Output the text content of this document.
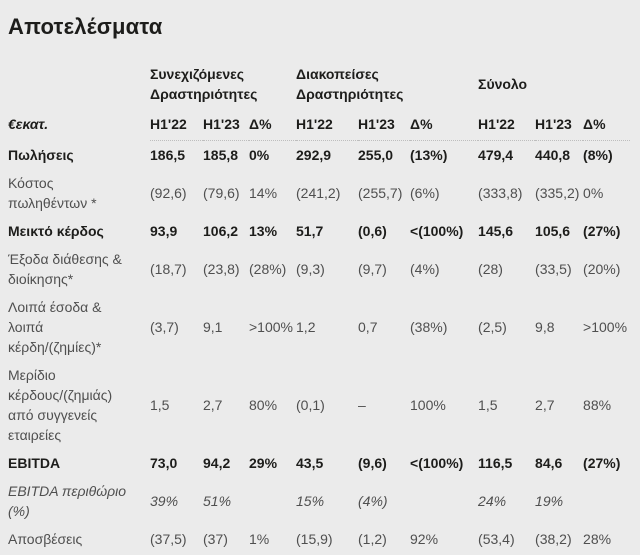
Αποτελέσματα
	Συνεχιζόμενες Δραστηριότητες			Διακοπείσες Δραστηριότητες			Σύνολο		
€εκατ.	H1'22	H1'23	Δ%	H1'22	H1'23	Δ%	H1'22	H1'23	Δ%
Πωλήσεις	186,5	185,8	0%	292,9	255,0	(13%)	479,4	440,8	(8%)
Κόστος πωληθέντων *	(92,6)	(79,6)	14%	(241,2)	(255,7)	(6%)	(333,8)	(335,2)	0%
Μεικτό κέρδος	93,9	106,2	13%	51,7	(0,6)	<(100%)	145,6	105,6	(27%)
Έξοδα διάθεσης & διοίκησης*	(18,7)	(23,8)	(28%)	(9,3)	(9,7)	(4%)	(28)	(33,5)	(20%)
Λοιπά έσοδα & λοιπά κέρδη/(ζημίες)*	(3,7)	9,1	>100%	1,2	0,7	(38%)	(2,5)	9,8	>100%
Μερίδιο κέρδους/(ζημιάς) από συγγενείς εταιρείες	1,5	2,7	80%	(0,1)	–	100%	1,5	2,7	88%
EBITDA	73,0	94,2	29%	43,5	(9,6)	<(100%)	116,5	84,6	(27%)
EBITDA περιθώριο (%)	39%	51%		15%	(4%)		24%	19%	
Αποσβέσεις	(37,5)	(37)	1%	(15,9)	(1,2)	92%	(53,4)	(38,2)	28%
